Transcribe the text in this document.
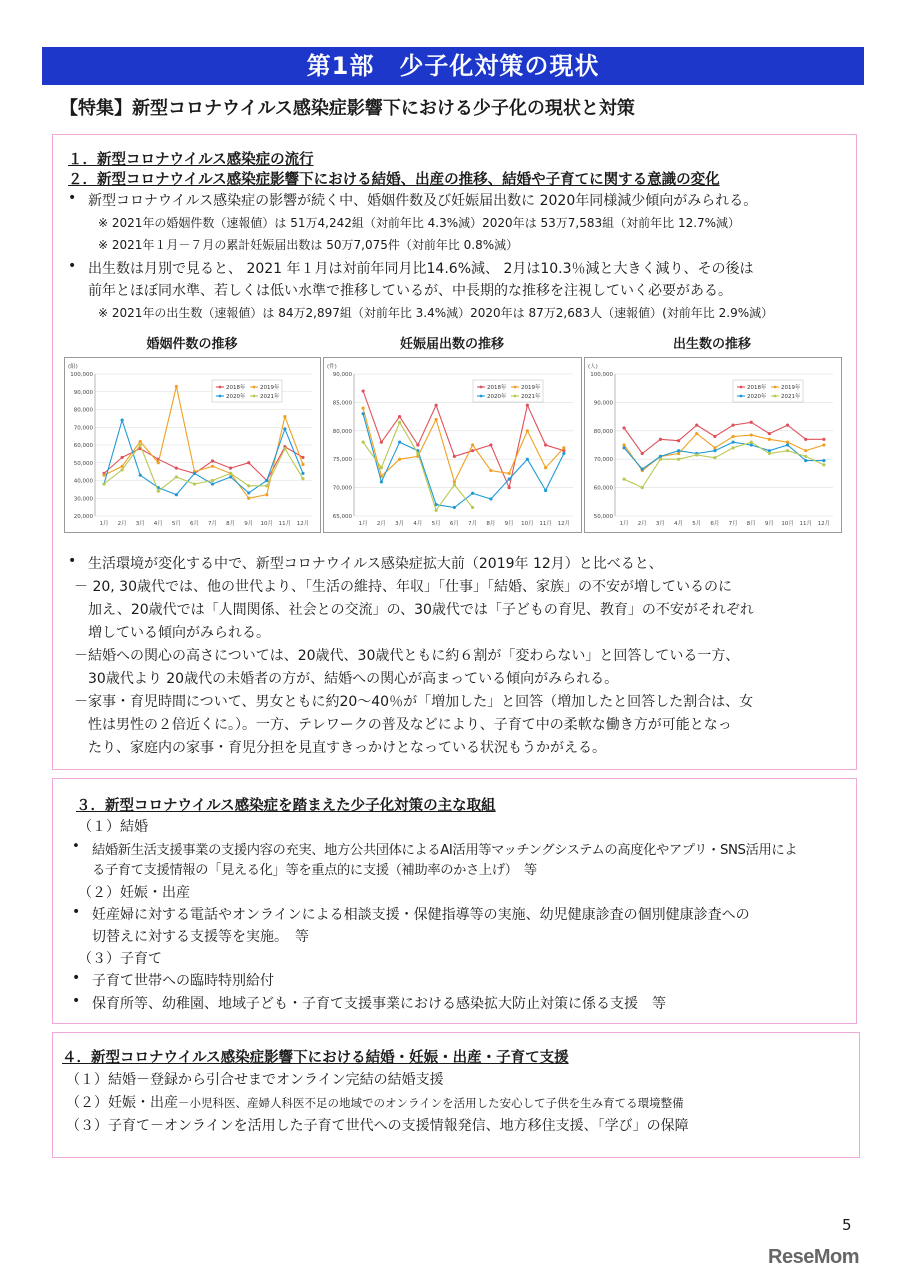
第1部　少子化対策の現状
【特集】新型コロナウイルス感染症影響下における少子化の現状と対策
１．新型コロナウイルス感染症の流行
２．新型コロナウイルス感染症影響下における結婚、出産の推移、結婚や子育てに関する意識の変化
• 新型コロナウイルス感染症の影響が続く中、婚姻件数及び妊娠届出数に 2020年同様減少傾向がみられる。
※ 2021年の婚姻件数（速報値）は 51万4,242組（対前年比 4.3%減）2020年は 53万7,583組（対前年比 12.7%減）
※ 2021年１月－７月の累計妊娠届出数は 50万7,075件（対前年比 0.8%減）
• 出生数は月別で見ると、 2021 年１月は対前年同月比14.6%減、 2月は10.3％減と大きく減り、その後は
前年とほぼ同水準、若しくは低い水準で推移しているが、中長期的な推移を注視していく必要がある。
※ 2021年の出生数（速報値）は 84万2,897組（対前年比 3.4%減）2020年は 87万2,683人（速報値）(対前年比 2.9%減）
婚姻件数の推移	妊娠届出数の推移	出生数の推移
(組)
20,000
30,000
40,000
50,000
60,000
70,000
80,000
90,000
100,000
1月 2月 3月 4月 5月 6月 7月 8月 9月 10月 11月 12月
2018年	2019年
2020年	2021年
(件)
65,000
70,000
75,000
80,000
85,000
90,000
1月 2月 3月 4月 5月 6月 7月 8月 9月 10月 11月 12月
2018年	2019年
2020年	2021年
(人)
50,000
60,000
70,000
80,000
90,000
100,000
1月 2月 3月 4月 5月 6月 7月 8月 9月 10月 11月 12月
2018年	2019年
2020年	2021年
• 生活環境が変化する中で、新型コロナウイルス感染症拡大前（2019年 12月）と比べると、
－ 20, 30歳代では、他の世代より、「生活の維持、年収」「仕事」「結婚、家族」の不安が増しているのに
加え、20歳代では「人間関係、社会との交流」の、30歳代では「子どもの育児、教育」の不安がそれぞれ
増している傾向がみられる。
－結婚への関心の高さについては、20歳代、30歳代ともに約６割が「変わらない」と回答している一方、
30歳代より 20歳代の未婚者の方が、結婚への関心が高まっている傾向がみられる。
－家事・育児時間について、男女ともに約20～40％が「増加した」と回答（増加したと回答した割合は、女
性は男性の２倍近くに。）。一方、テレワークの普及などにより、子育て中の柔軟な働き方が可能となっ
たり、家庭内の家事・育児分担を見直すきっかけとなっている状況もうかがえる。
３．新型コロナウイルス感染症を踏まえた少子化対策の主な取組
（１）結婚
• 結婚新生活支援事業の支援内容の充実、地方公共団体によるAI活用等マッチングシステムの高度化やアプリ・SNS活用によ
る子育て支援情報の「見える化」等を重点的に支援（補助率のかさ上げ）　等
（２）妊娠・出産
• 妊産婦に対する電話やオンラインによる相談支援・保健指導等の実施、幼児健康診査の個別健康診査への
切替えに対する支援等を実施。　等
（３）子育て
• 子育て世帯への臨時特別給付
• 保育所等、幼稚園、地域子ども・子育て支援事業における感染拡大防止対策に係る支援　等
４．新型コロナウイルス感染症影響下における結婚・妊娠・出産・子育て支援
（１）結婚－登録から引合せまでオンライン完結の結婚支援
（２）妊娠・出産－小児科医、産婦人科医不足の地域でのオンラインを活用した安心して子供を生み育てる環境整備
（３）子育て－オンラインを活用した子育て世代への支援情報発信、地方移住支援、「学び」の保障
5
ReseMom
